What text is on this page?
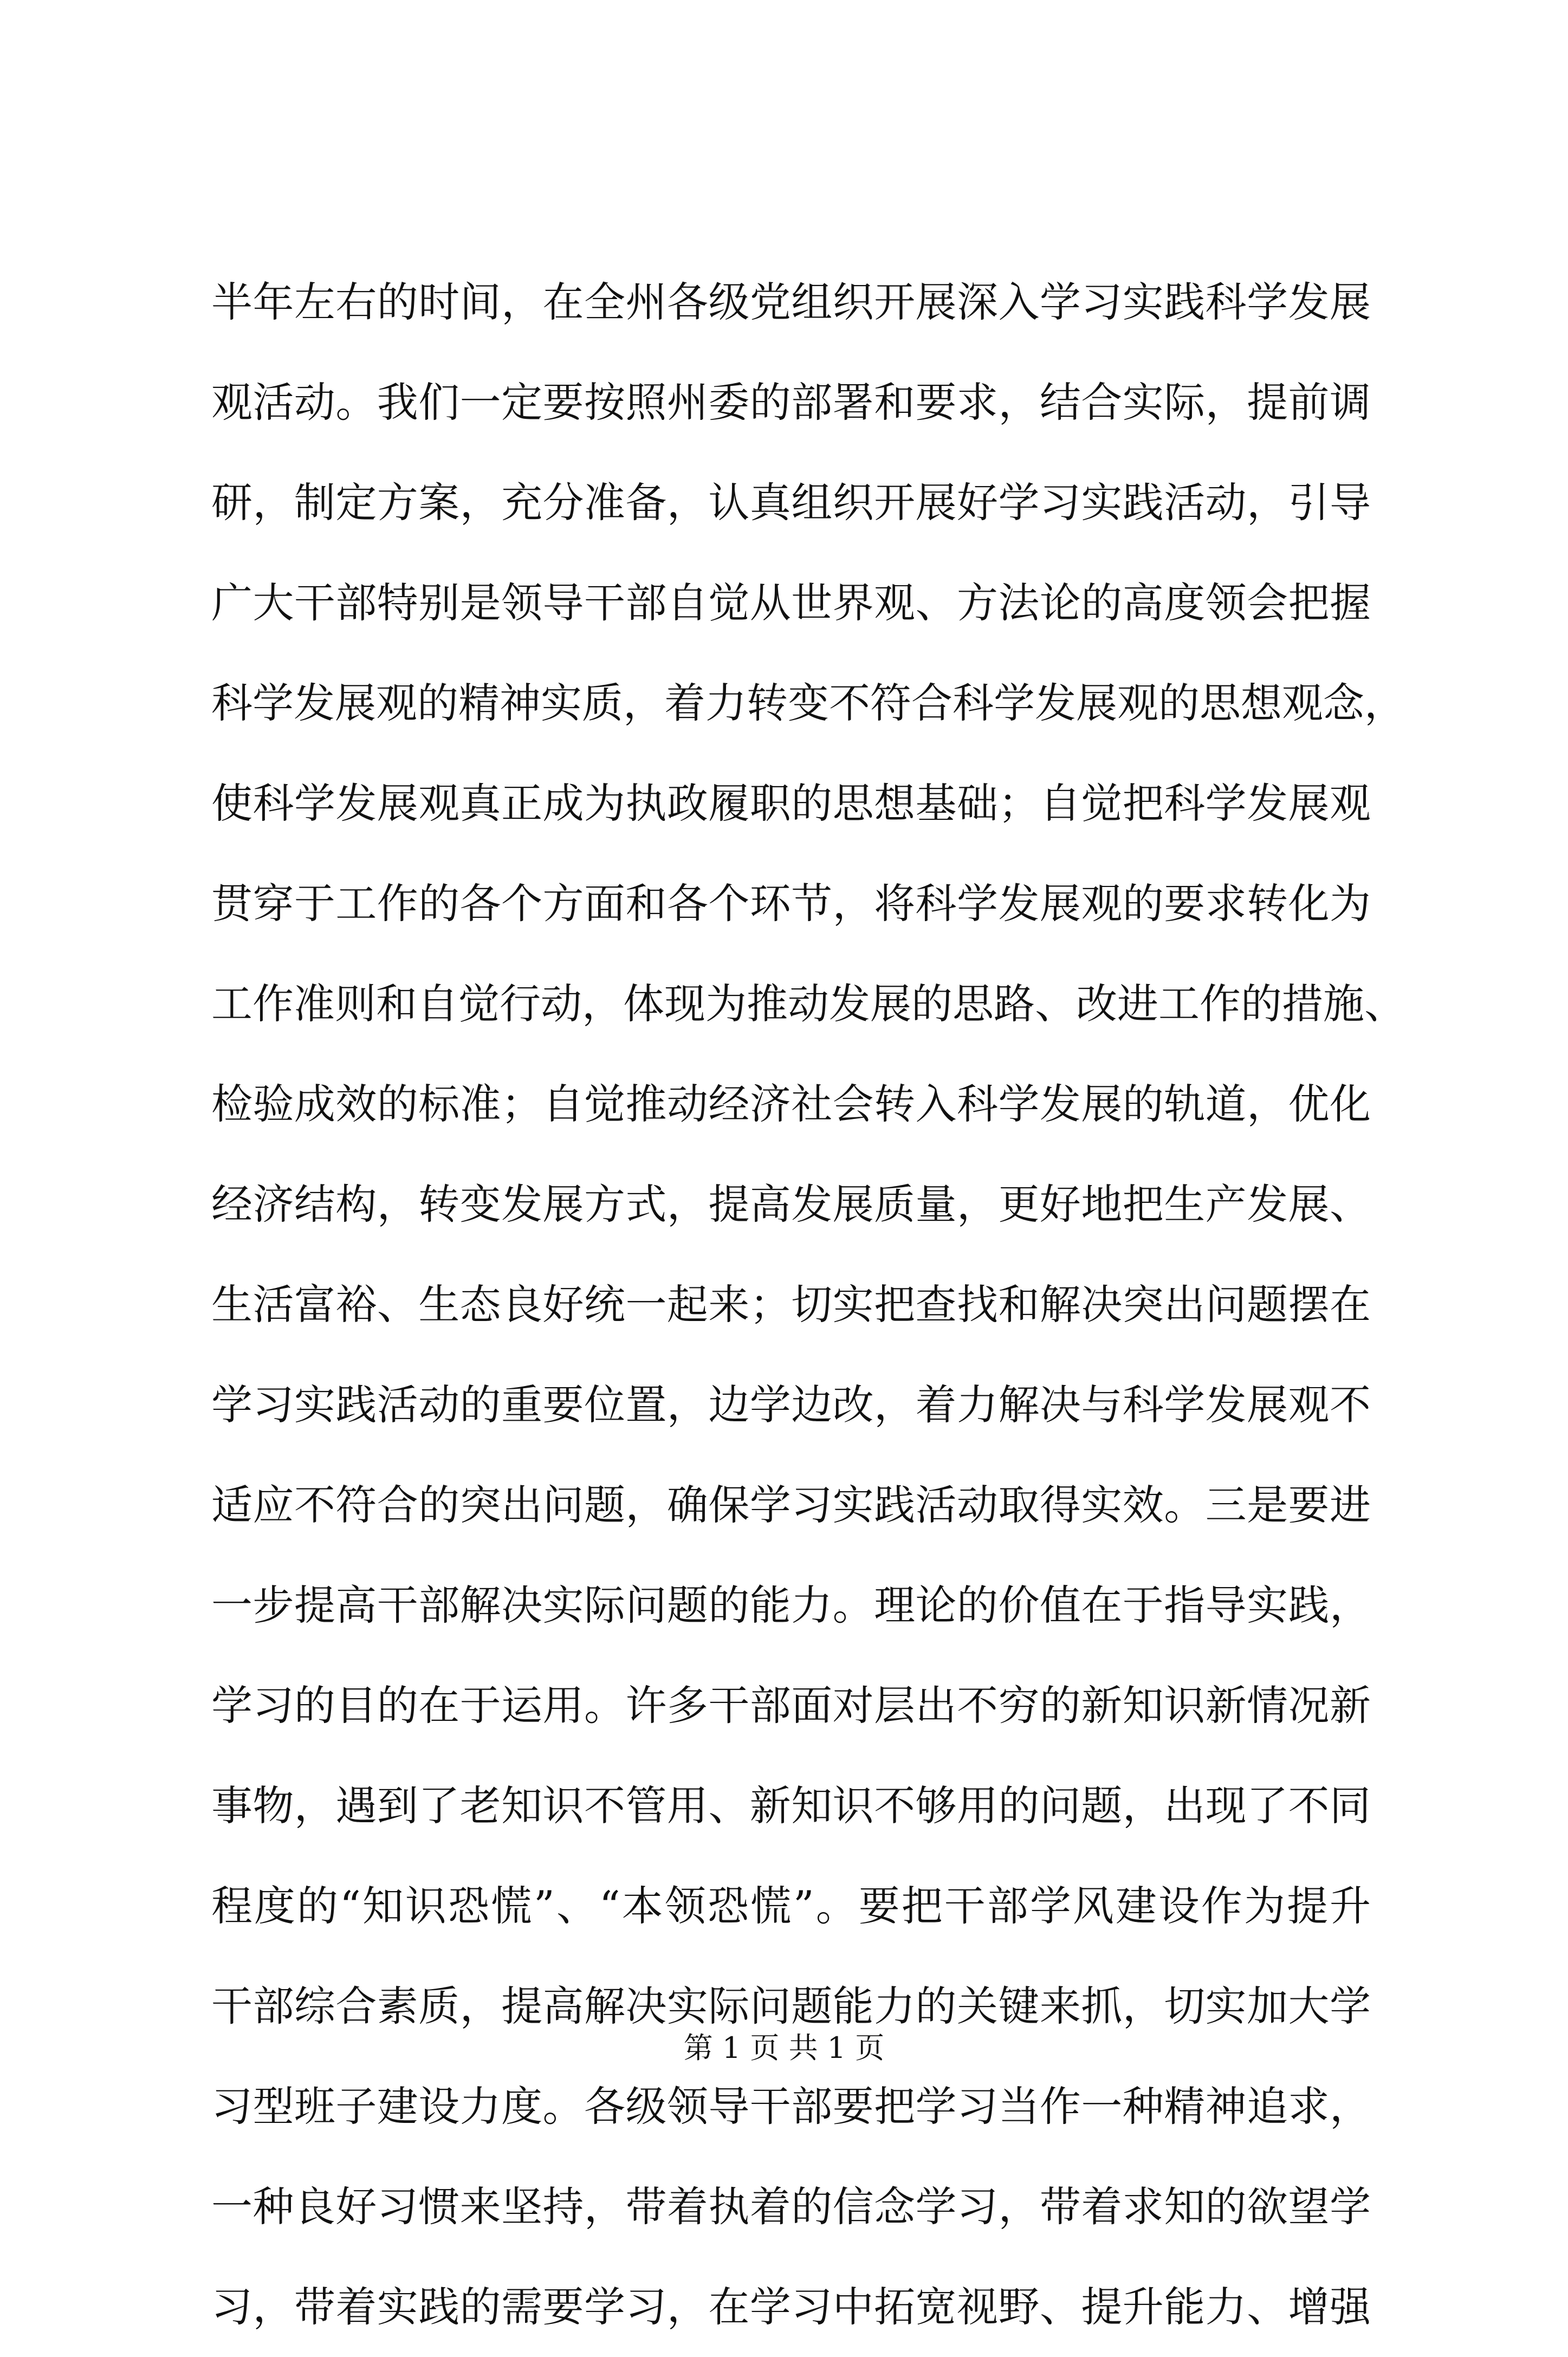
半年左右的时间，在全州各级党组织开展深入学习实践科学发展
观活动。我们一定要按照州委的部署和要求，结合实际，提前调
研，制定方案，充分准备，认真组织开展好学习实践活动，引导
广大干部特别是领导干部自觉从世界观、方法论的高度领会把握
科学发展观的精神实质，着力转变不符合科学发展观的思想观念，
使科学发展观真正成为执政履职的思想基础；自觉把科学发展观
贯穿于工作的各个方面和各个环节，将科学发展观的要求转化为
工作准则和自觉行动，体现为推动发展的思路、改进工作的措施、
检验成效的标准；自觉推动经济社会转入科学发展的轨道，优化
经济结构，转变发展方式，提高发展质量，更好地把生产发展、
生活富裕、生态良好统一起来；切实把查找和解决突出问题摆在
学习实践活动的重要位置，边学边改，着力解决与科学发展观不
适应不符合的突出问题，确保学习实践活动取得实效。三是要进
一步提高干部解决实际问题的能力。理论的价值在于指导实践，
学习的目的在于运用。许多干部面对层出不穷的新知识新情况新
事物，遇到了老知识不管用、新知识不够用的问题，出现了不同
程度的“知识恐慌”、“本领恐慌”。要把干部学风建设作为提升
干部综合素质，提高解决实际问题能力的关键来抓，切实加大学
习型班子建设力度。各级领导干部要把学习当作一种精神追求，
一种良好习惯来坚持，带着执着的信念学习，带着求知的欲望学
习，带着实践的需要学习，在学习中拓宽视野、提升能力、增强
第 1 页 共 1 页
